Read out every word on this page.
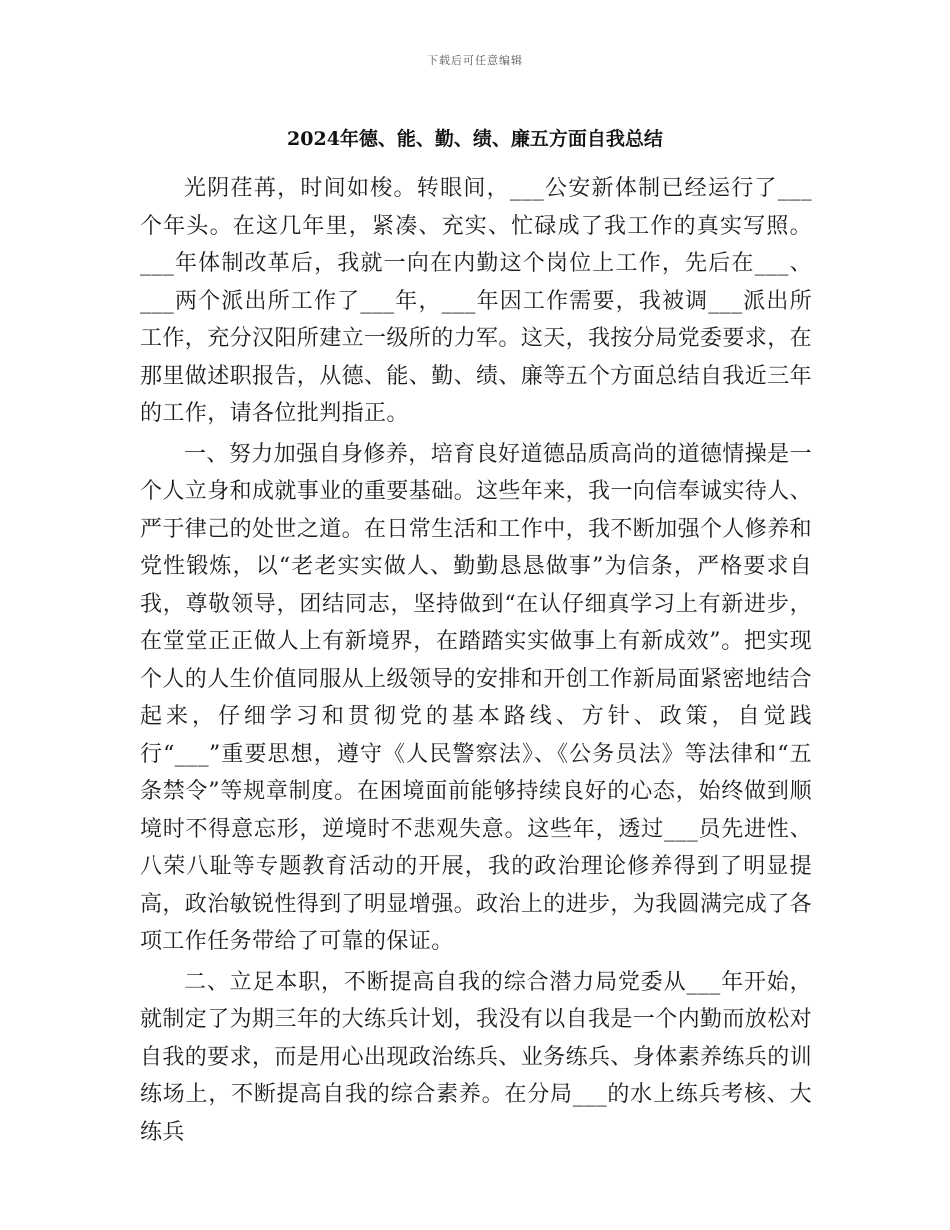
下载后可任意编辑
2024年德、能、勤、绩、廉五方面自我总结

光阴荏苒，时间如梭。转眼间，___公安新体制已经运行了___个年头。在这几年里，紧凑、充实、忙碌成了我工作的真实写照。___年体制改革后，我就一向在内勤这个岗位上工作，先后在___、___两个派出所工作了___年，___年因工作需要，我被调___派出所工作，充分汉阳所建立一级所的力军。这天，我按分局党委要求，在那里做述职报告，从德、能、勤、绩、廉等五个方面总结自我近三年的工作，请各位批判指正。

一、努力加强自身修养，培育良好道德品质高尚的道德情操是一个人立身和成就事业的重要基础。这些年来，我一向信奉诚实待人、严于律己的处世之道。在日常生活和工作中，我不断加强个人修养和党性锻炼，以“老老实实做人、勤勤恳恳做事”为信条，严格要求自我，尊敬领导，团结同志，坚持做到“在认仔细真学习上有新进步，在堂堂正正做人上有新境界，在踏踏实实做事上有新成效”。把实现个人的人生价值同服从上级领导的安排和开创工作新局面紧密地结合起来，仔细学习和贯彻党的基本路线、方针、政策，自觉践行“___”重要思想，遵守《人民警察法》、《公务员法》等法律和“五条禁令”等规章制度。在困境面前能够持续良好的心态，始终做到顺境时不得意忘形，逆境时不悲观失意。这些年，透过___员先进性、八荣八耻等专题教育活动的开展，我的政治理论修养得到了明显提高，政治敏锐性得到了明显增强。政治上的进步，为我圆满完成了各项工作任务带给了可靠的保证。

二、立足本职，不断提高自我的综合潜力局党委从___年开始，就制定了为期三年的大练兵计划，我没有以自我是一个内勤而放松对自我的要求，而是用心出现政治练兵、业务练兵、身体素养练兵的训练场上，不断提高自我的综合素养。在分局___的水上练兵考核、大练兵
